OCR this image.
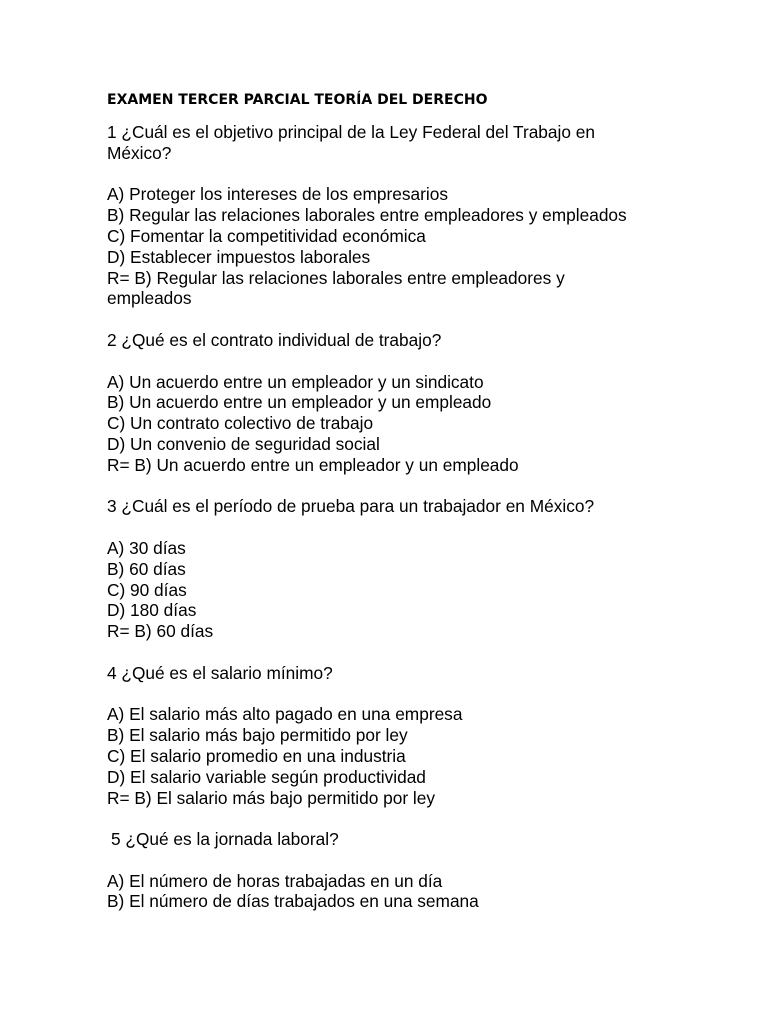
EXAMEN TERCER PARCIAL TEORÍA DEL DERECHO

1 ¿Cuál es el objetivo principal de la Ley Federal del Trabajo en
México?
A) Proteger los intereses de los empresarios
B) Regular las relaciones laborales entre empleadores y empleados
C) Fomentar la competitividad económica
D) Establecer impuestos laborales
R= B) Regular las relaciones laborales entre empleadores y
empleados
2 ¿Qué es el contrato individual de trabajo?
A) Un acuerdo entre un empleador y un sindicato
B) Un acuerdo entre un empleador y un empleado
C) Un contrato colectivo de trabajo
D) Un convenio de seguridad social
R= B) Un acuerdo entre un empleador y un empleado
3 ¿Cuál es el período de prueba para un trabajador en México?
A) 30 días
B) 60 días
C) 90 días
D) 180 días
R= B) 60 días
4 ¿Qué es el salario mínimo?
A) El salario más alto pagado en una empresa
B) El salario más bajo permitido por ley
C) El salario promedio en una industria
D) El salario variable según productividad
R= B) El salario más bajo permitido por ley
5 ¿Qué es la jornada laboral?
A) El número de horas trabajadas en un día
B) El número de días trabajados en una semana
